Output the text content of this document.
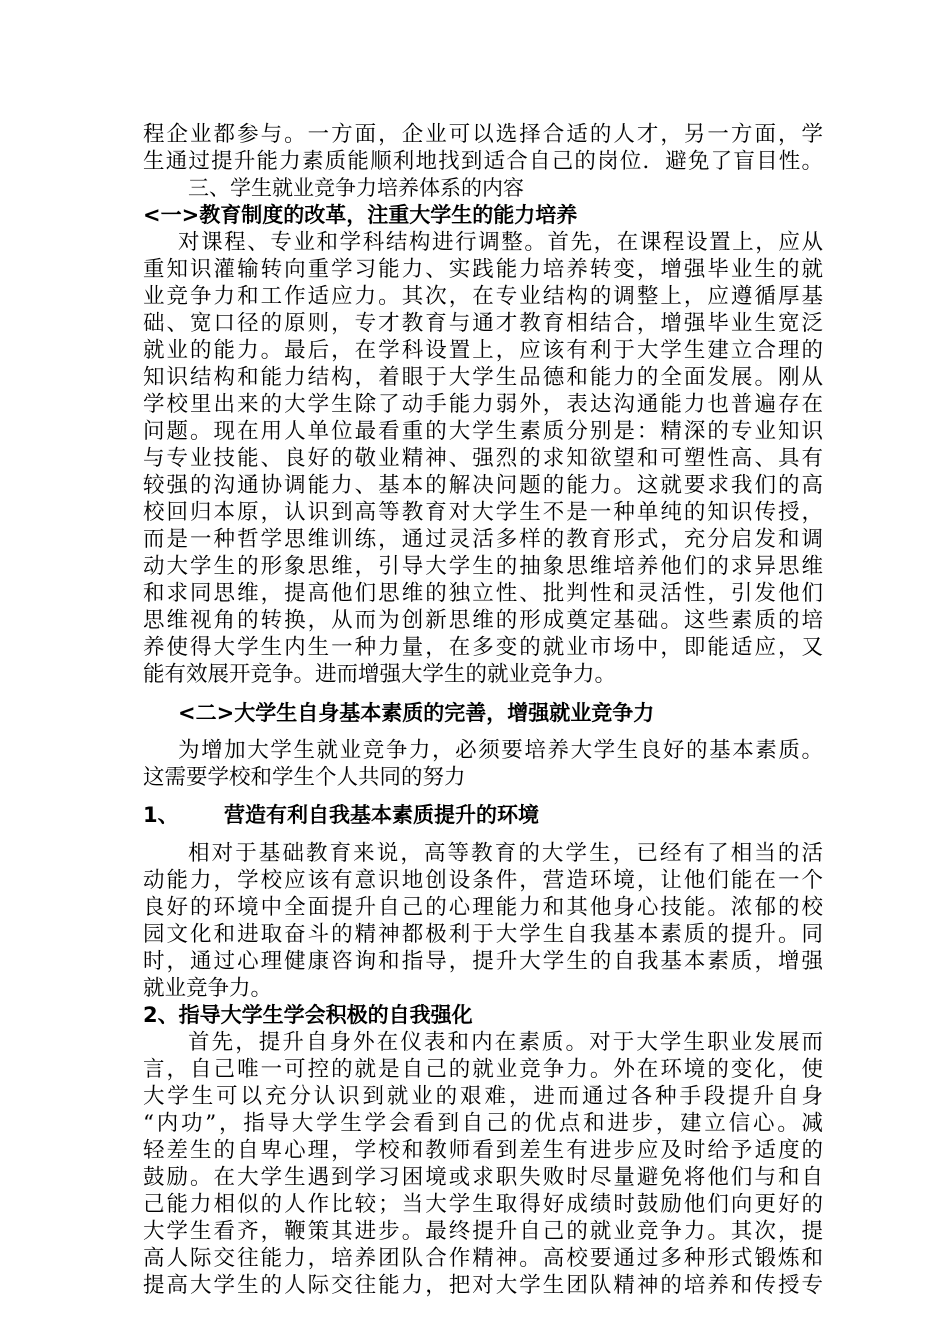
程企业都参与。一方面，企业可以选择合适的人才，另一方面，学
生通过提升能力素质能顺利地找到适合自己的岗位．避免了盲目性。
三、学生就业竞争力培养体系的内容
<一>教育制度的改革，注重大学生的能力培养
对课程、专业和学科结构进行调整。首先，在课程设置上，应从
重知识灌输转向重学习能力、实践能力培养转变，增强毕业生的就
业竞争力和工作适应力。其次，在专业结构的调整上，应遵循厚基
础、宽口径的原则，专才教育与通才教育相结合，增强毕业生宽泛
就业的能力。最后，在学科设置上，应该有利于大学生建立合理的
知识结构和能力结构，着眼于大学生品德和能力的全面发展。刚从
学校里出来的大学生除了动手能力弱外，表达沟通能力也普遍存在
问题。现在用人单位最看重的大学生素质分别是：精深的专业知识
与专业技能、良好的敬业精神、强烈的求知欲望和可塑性高、具有
较强的沟通协调能力、基本的解决问题的能力。这就要求我们的高
校回归本原，认识到高等教育对大学生不是一种单纯的知识传授，
而是一种哲学思维训练，通过灵活多样的教育形式，充分启发和调
动大学生的形象思维，引导大学生的抽象思维培养他们的求异思维
和求同思维，提高他们思维的独立性、批判性和灵活性，引发他们
思维视角的转换，从而为创新思维的形成奠定基础。这些素质的培
养使得大学生内生一种力量，在多变的就业市场中，即能适应，又
能有效展开竞争。进而增强大学生的就业竞争力。
<二>大学生自身基本素质的完善，增强就业竞争力
为增加大学生就业竞争力，必须要培养大学生良好的基本素质。
这需要学校和学生个人共同的努力
1、 营造有利自我基本素质提升的环境
相对于基础教育来说，高等教育的大学生，已经有了相当的活
动能力，学校应该有意识地创设条件，营造环境，让他们能在一个
良好的环境中全面提升自己的心理能力和其他身心技能。浓郁的校
园文化和进取奋斗的精神都极利于大学生自我基本素质的提升。同
时，通过心理健康咨询和指导，提升大学生的自我基本素质，增强
就业竞争力。
2、指导大学生学会积极的自我强化
首先，提升自身外在仪表和内在素质。对于大学生职业发展而
言，自己唯一可控的就是自己的就业竞争力。外在环境的变化，使
大学生可以充分认识到就业的艰难，进而通过各种手段提升自身
“内功”，指导大学生学会看到自己的优点和进步，建立信心。减
轻差生的自卑心理，学校和教师看到差生有进步应及时给予适度的
鼓励。在大学生遇到学习困境或求职失败时尽量避免将他们与和自
己能力相似的人作比较；当大学生取得好成绩时鼓励他们向更好的
大学生看齐，鞭策其进步。最终提升自己的就业竞争力。其次，提
高人际交往能力，培养团队合作精神。高校要通过多种形式锻炼和
提高大学生的人际交往能力，把对大学生团队精神的培养和传授专
